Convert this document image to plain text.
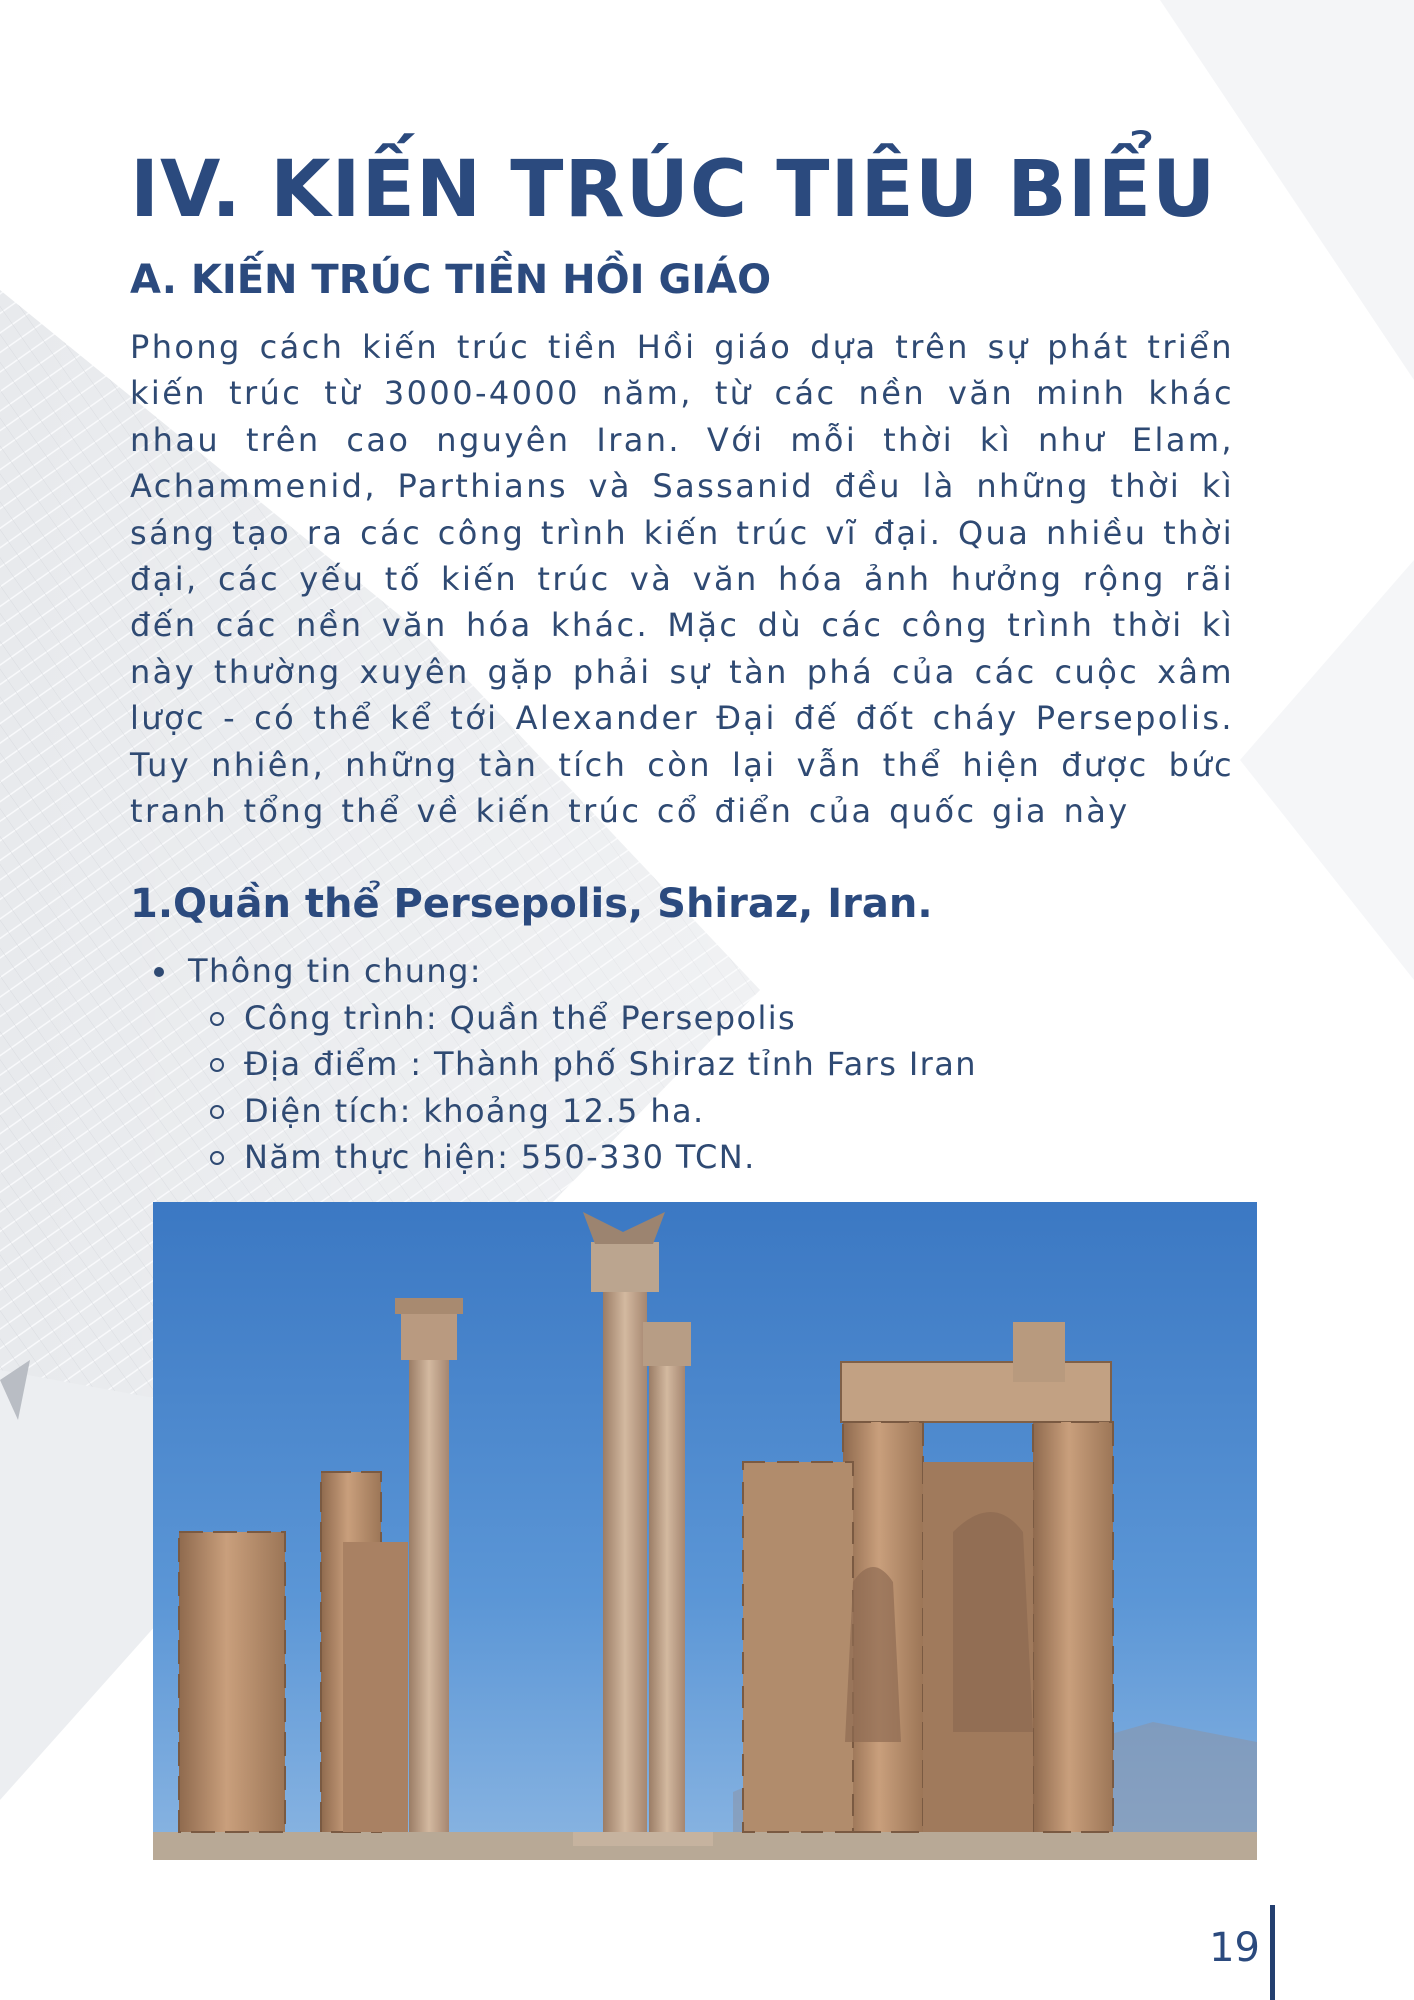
IV. KIẾN TRÚC TIÊU BIỂU
A. KIẾN TRÚC TIỀN HỒI GIÁO

Phong cách kiến trúc tiền Hồi giáo dựa trên sự phát triển kiến trúc từ 3000-4000 năm, từ các nền văn minh khác nhau trên cao nguyên Iran. Với mỗi thời kì như Elam, Achammenid, Parthians và Sassanid đều là những thời kì sáng tạo ra các công trình kiến trúc vĩ đại. Qua nhiều thời đại, các yếu tố kiến trúc và văn hóa ảnh hưởng rộng rãi đến các nền văn hóa khác. Mặc dù các công trình thời kì này thường xuyên gặp phải sự tàn phá của các cuộc xâm lược - có thể kể tới Alexander Đại đế đốt cháy Persepolis. Tuy nhiên, những tàn tích còn lại vẫn thể hiện được bức tranh tổng thể về kiến trúc cổ điển của quốc gia này

1.Quần thể Persepolis, Shiraz, Iran.
Thông tin chung:
Công trình: Quần thể Persepolis
Địa điểm : Thành phố Shiraz tỉnh Fars Iran
Diện tích: khoảng 12.5 ha.
Năm thực hiện: 550-330 TCN.
19
